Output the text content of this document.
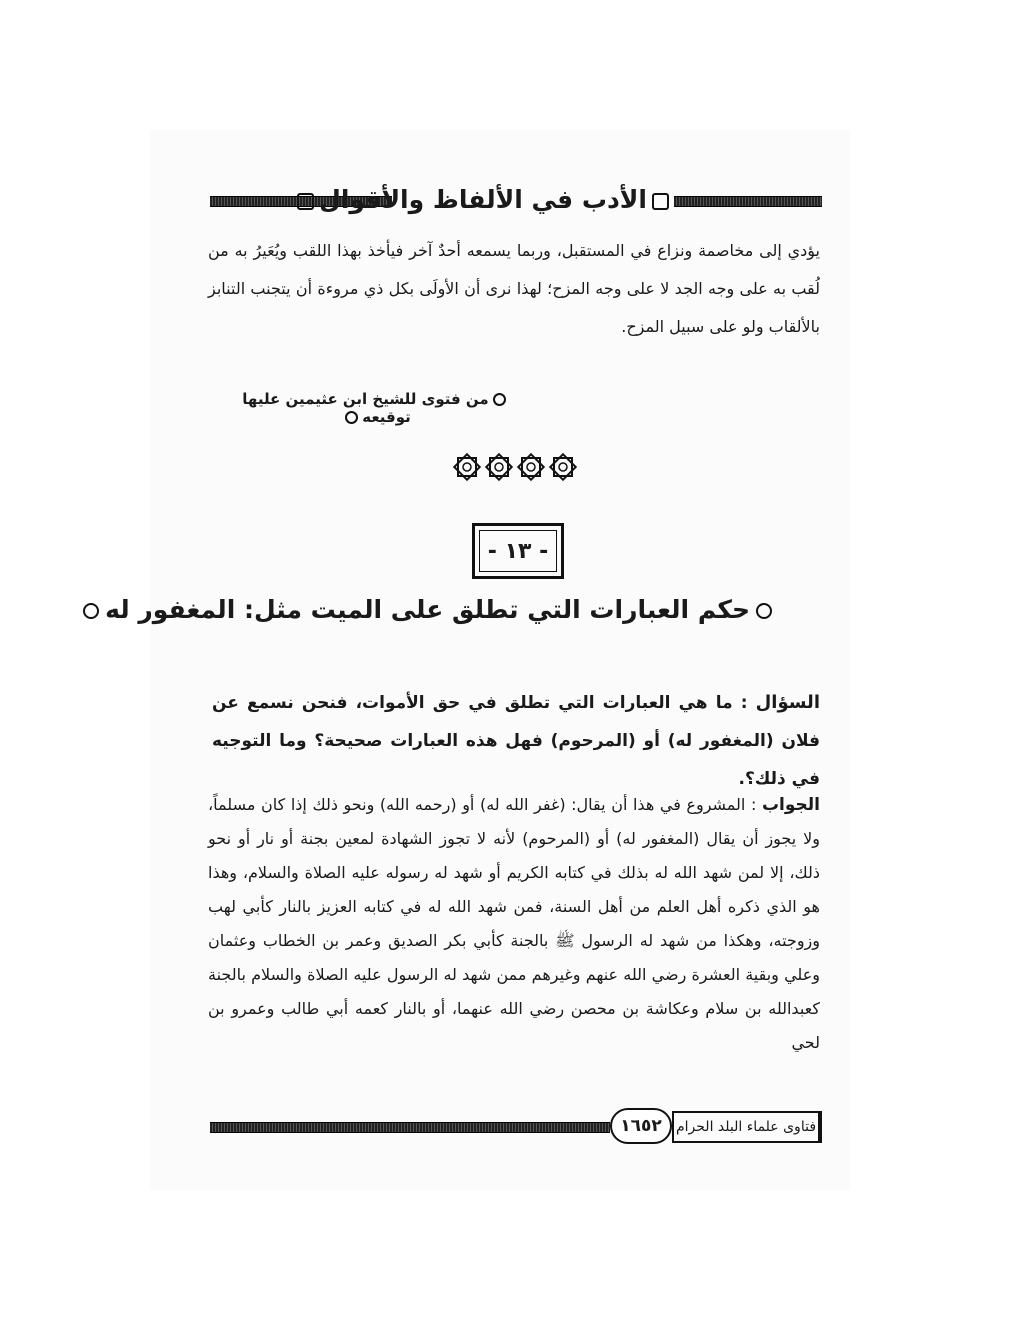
الأدب في الألفاظ والأقوال
يؤدي إلى مخاصمة ونزاع في المستقبل، وربما يسمعه أحدٌ آخر فيأخذ بهذا اللقب ويُعَيرُ به من لُقب به على وجه الجد لا على وجه المزح؛ لهذا نرى أن الأولَى بكل ذي مروءة أن يتجنب التنابز بالألقاب ولو على سبيل المزح.
من فتوى للشيخ ابن عثيمين عليها توقيعه
- ١٣ -
حكم العبارات التي تطلق على الميت مثل: المغفور له
السؤال : ما هي العبارات التي تطلق في حق الأموات، فنحن نسمع عن فلان (المغفور له) أو (المرحوم) فهل هذه العبارات صحيحة؟ وما التوجيه في ذلك؟.
الجواب : المشروع في هذا أن يقال: (غفر الله له) أو (رحمه الله) ونحو ذلك إذا كان مسلماً، ولا يجوز أن يقال (المغفور له) أو (المرحوم) لأنه لا تجوز الشهادة لمعين بجنة أو نار أو نحو ذلك، إلا لمن شهد الله له بذلك في كتابه الكريم أو شهد له رسوله عليه الصلاة والسلام، وهذا هو الذي ذكره أهل العلم من أهل السنة، فمن شهد الله له في كتابه العزيز بالنار كأبي لهب وزوجته، وهكذا من شهد له الرسول ﷺ بالجنة كأبي بكر الصديق وعمر بن الخطاب وعثمان وعلي وبقية العشرة رضي الله عنهم وغيرهم ممن شهد له الرسول عليه الصلاة والسلام بالجنة كعبدالله بن سلام وعكاشة بن محصن رضي الله عنهما، أو بالنار كعمه أبي طالب وعمرو بن لحي
١٦٥٢	فتاوى علماء البلد الحرام
